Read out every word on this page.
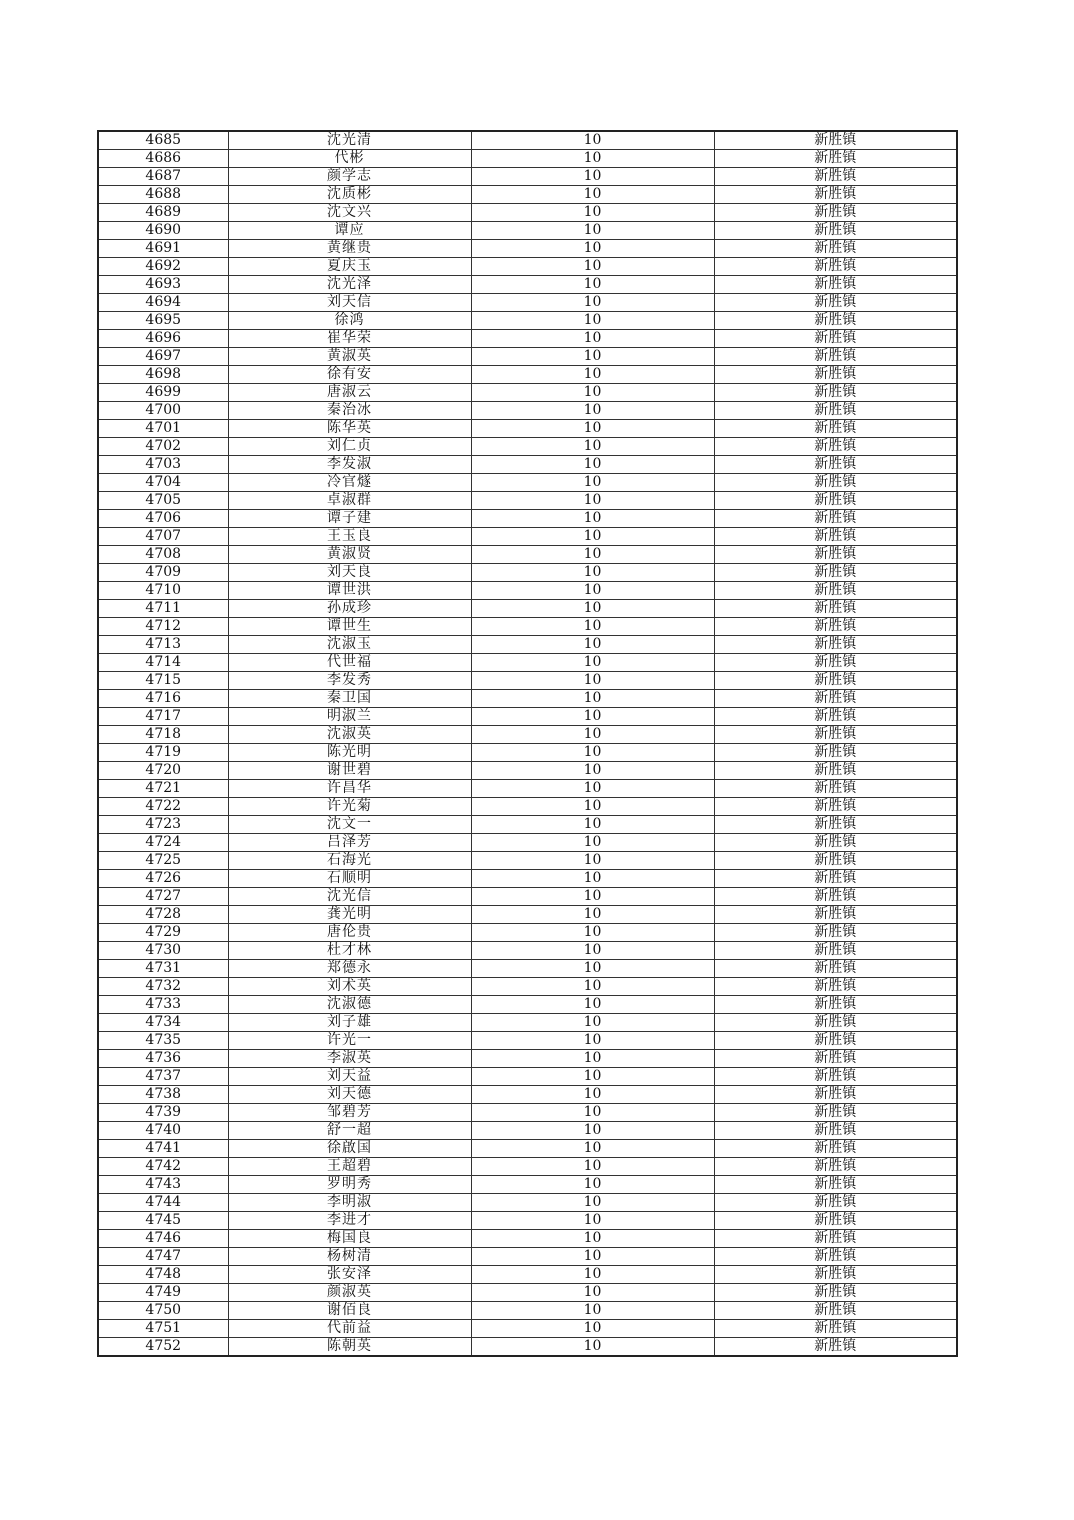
4685	沈光清	10	新胜镇
4686	代彬	10	新胜镇
4687	颜学志	10	新胜镇
4688	沈质彬	10	新胜镇
4689	沈文兴	10	新胜镇
4690	谭应	10	新胜镇
4691	黄继贵	10	新胜镇
4692	夏庆玉	10	新胜镇
4693	沈光泽	10	新胜镇
4694	刘天信	10	新胜镇
4695	徐鸿	10	新胜镇
4696	崔华荣	10	新胜镇
4697	黄淑英	10	新胜镇
4698	徐有安	10	新胜镇
4699	唐淑云	10	新胜镇
4700	秦治冰	10	新胜镇
4701	陈华英	10	新胜镇
4702	刘仁贞	10	新胜镇
4703	李发淑	10	新胜镇
4704	冷官燧	10	新胜镇
4705	卓淑群	10	新胜镇
4706	谭子建	10	新胜镇
4707	王玉良	10	新胜镇
4708	黄淑贤	10	新胜镇
4709	刘天良	10	新胜镇
4710	谭世洪	10	新胜镇
4711	孙成珍	10	新胜镇
4712	谭世生	10	新胜镇
4713	沈淑玉	10	新胜镇
4714	代世福	10	新胜镇
4715	李发秀	10	新胜镇
4716	秦卫国	10	新胜镇
4717	明淑兰	10	新胜镇
4718	沈淑英	10	新胜镇
4719	陈光明	10	新胜镇
4720	谢世碧	10	新胜镇
4721	许昌华	10	新胜镇
4722	许光菊	10	新胜镇
4723	沈文一	10	新胜镇
4724	吕泽芳	10	新胜镇
4725	石海光	10	新胜镇
4726	石顺明	10	新胜镇
4727	沈光信	10	新胜镇
4728	龚光明	10	新胜镇
4729	唐伦贵	10	新胜镇
4730	杜才林	10	新胜镇
4731	郑德永	10	新胜镇
4732	刘术英	10	新胜镇
4733	沈淑德	10	新胜镇
4734	刘子雄	10	新胜镇
4735	许光一	10	新胜镇
4736	李淑英	10	新胜镇
4737	刘天益	10	新胜镇
4738	刘天德	10	新胜镇
4739	邹碧芳	10	新胜镇
4740	舒一超	10	新胜镇
4741	徐啟国	10	新胜镇
4742	王超碧	10	新胜镇
4743	罗明秀	10	新胜镇
4744	李明淑	10	新胜镇
4745	李进才	10	新胜镇
4746	梅国良	10	新胜镇
4747	杨树清	10	新胜镇
4748	张安泽	10	新胜镇
4749	颜淑英	10	新胜镇
4750	谢佰良	10	新胜镇
4751	代前益	10	新胜镇
4752	陈朝英	10	新胜镇
